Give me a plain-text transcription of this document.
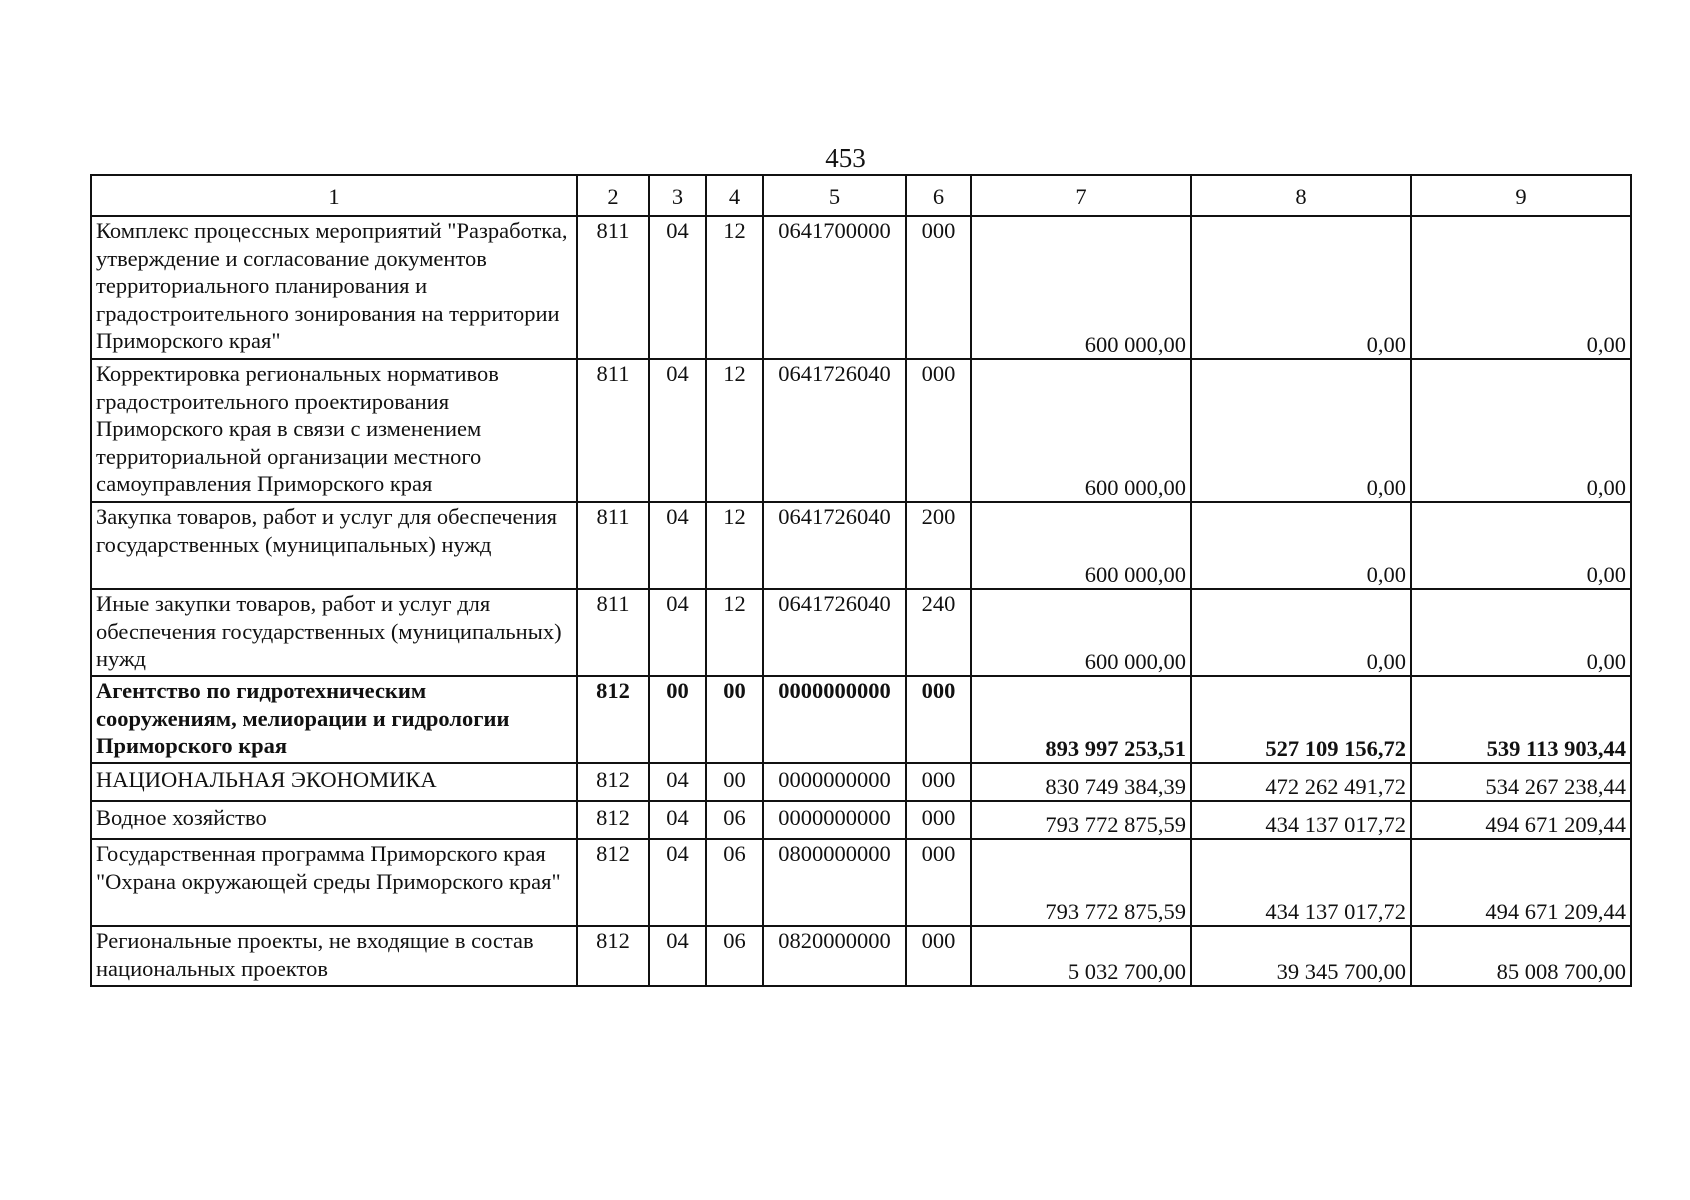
453
1	2	3	4	5	6	7	8	9
Комплекс процессных мероприятий "Разработка, утверждение и согласование документов территориального планирования и градостроительного зонирования на территории Приморского края"	811	04	12	0641700000	000	600 000,00	0,00	0,00
Корректировка региональных нормативов градостроительного проектирования Приморского края в связи с изменением территориальной организации местного самоуправления Приморского края	811	04	12	0641726040	000	600 000,00	0,00	0,00
Закупка товаров, работ и услуг для обеспечения государственных (муниципальных) нужд	811	04	12	0641726040	200	600 000,00	0,00	0,00
Иные закупки товаров, работ и услуг для обеспечения государственных (муниципальных) нужд	811	04	12	0641726040	240	600 000,00	0,00	0,00
Агентство по гидротехническим сооружениям, мелиорации и гидрологии Приморского края	812	00	00	0000000000	000	893 997 253,51	527 109 156,72	539 113 903,44
НАЦИОНАЛЬНАЯ ЭКОНОМИКА	812	04	00	0000000000	000	830 749 384,39	472 262 491,72	534 267 238,44
Водное хозяйство	812	04	06	0000000000	000	793 772 875,59	434 137 017,72	494 671 209,44
Государственная программа Приморского края "Охрана окружающей среды Приморского края"	812	04	06	0800000000	000	793 772 875,59	434 137 017,72	494 671 209,44
Региональные проекты, не входящие в состав национальных проектов	812	04	06	0820000000	000	5 032 700,00	39 345 700,00	85 008 700,00
